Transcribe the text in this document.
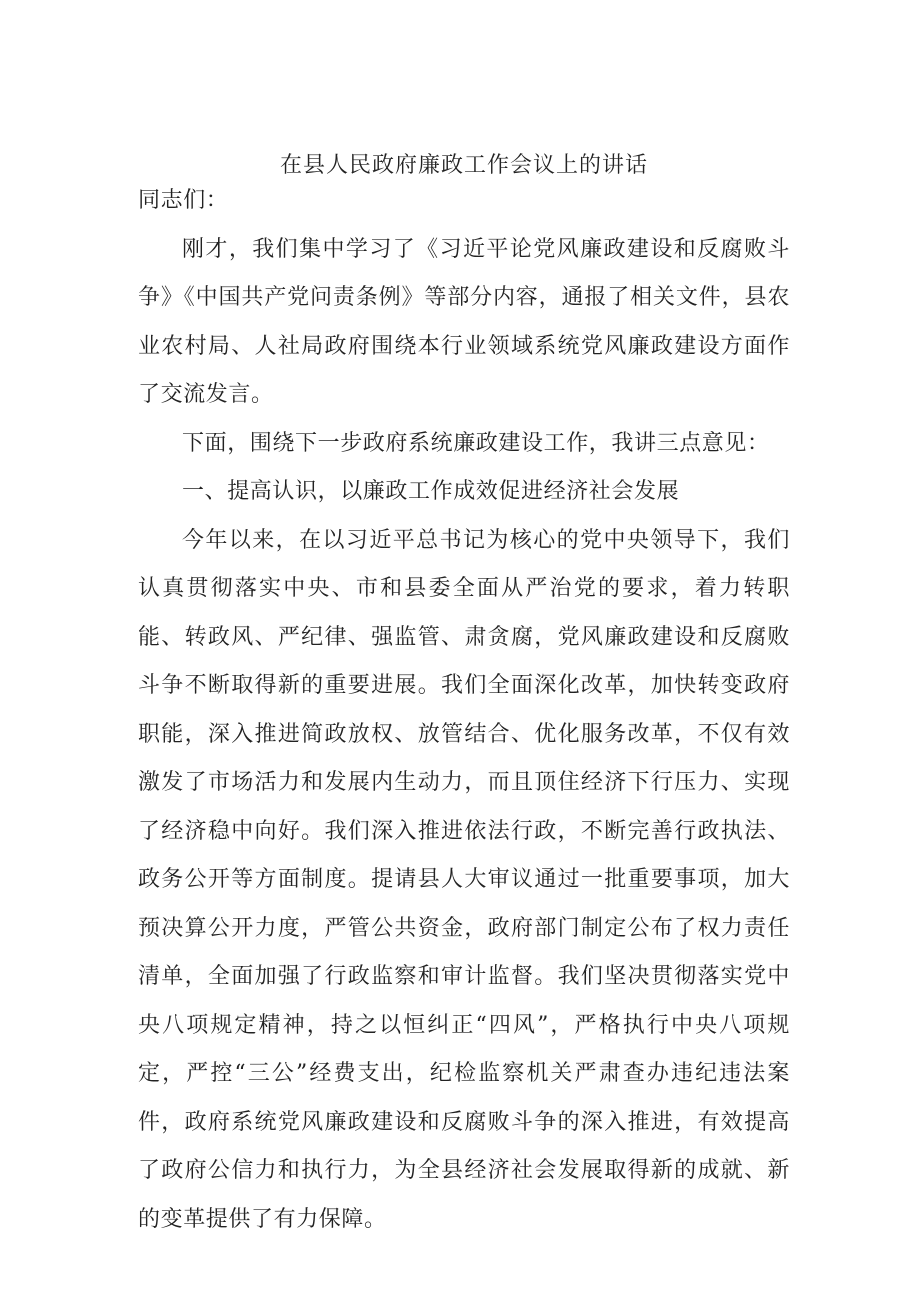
在县人民政府廉政工作会议上的讲话

同志们：

刚才，我们集中学习了《习近平论党风廉政建设和反腐败斗争》《中国共产党问责条例》等部分内容，通报了相关文件，县农业农村局、人社局政府围绕本行业领域系统党风廉政建设方面作了交流发言。

下面，围绕下一步政府系统廉政建设工作，我讲三点意见：

一、提高认识，以廉政工作成效促进经济社会发展

今年以来，在以习近平总书记为核心的党中央领导下，我们认真贯彻落实中央、市和县委全面从严治党的要求，着力转职能、转政风、严纪律、强监管、肃贪腐，党风廉政建设和反腐败斗争不断取得新的重要进展。我们全面深化改革，加快转变政府职能，深入推进简政放权、放管结合、优化服务改革，不仅有效激发了市场活力和发展内生动力，而且顶住经济下行压力、实现了经济稳中向好。我们深入推进依法行政，不断完善行政执法、政务公开等方面制度。提请县人大审议通过一批重要事项，加大预决算公开力度，严管公共资金，政府部门制定公布了权力责任清单，全面加强了行政监察和审计监督。我们坚决贯彻落实党中央八项规定精神，持之以恒纠正“四风”，严格执行中央八项规定，严控“三公”经费支出，纪检监察机关严肃查办违纪违法案件，政府系统党风廉政建设和反腐败斗争的深入推进，有效提高了政府公信力和执行力，为全县经济社会发展取得新的成就、新的变革提供了有力保障。
